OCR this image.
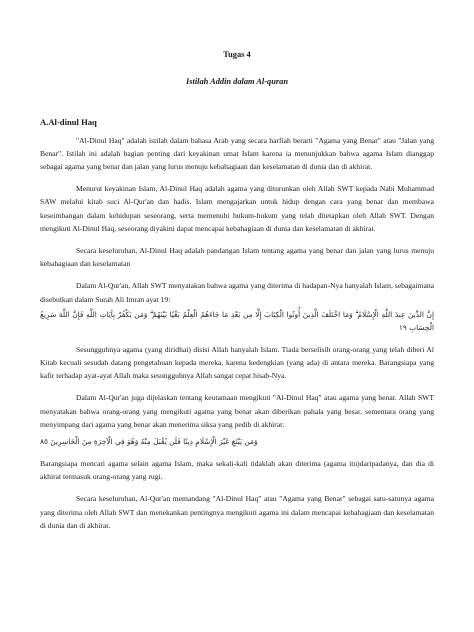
Tugas 4
Istilah Addin dalam Al-quran
A.Al-dinul Haq

"Al-Dinul Haq" adalah istilah dalam bahasa Arab yang secara harfiah berarti "Agama yang Benar" atau "Jalan yang Benar". Istilah ini adalah bagian penting dari keyakinan umat Islam karena ia menunjukkan bahwa agama Islam dianggap sebagai agama yang benar dan jalan yang lurus menuju kebahagiaan dan keselamatan di dunia dan di akhirat.

Menurut keyakinan Islam, Al-Dinul Haq adalah agama yang diturunkan oleh Allah SWT kepada Nabi Muhammad SAW melalui kitab suci Al-Qur'an dan hadis. Islam mengajarkan untuk hidup dengan cara yang benar dan membawa keseimbangan dalam kehidupan seseorang, serta memenuhi hukum-hukum yang telah ditetapkan oleh Allah SWT. Dengan mengikuti Al-Dinul Haq, seseorang diyakini dapat mencapai kebahagiaan di dunia dan keselamatan di akhirat.

Secara keseluruhan, Al-Dinul Haq adalah pandangan Islam tentang agama yang benar dan jalan yang lurus menuju kebahagiaan dan keselamatan

Dalam Al-Qur'an, Allah SWT menyatakan bahwa agama yang diterima di hadapan-Nya hanyalah Islam, sebagaimana disebutkan dalam Surah Ali Imran ayat 19:

إِنَّ الدِّينَ عِندَ اللَّهِ الْإِسْلَامُ ۗ وَمَا اخْتَلَفَ الَّذِينَ أُوتُوا الْكِتَابَ إِلَّا مِن بَعْدِ مَا جَاءَهُمُ الْعِلْمُ بَغْيًا بَيْنَهُمْ ۗ وَمَن يَكْفُرْ بِآيَاتِ اللَّهِ فَإِنَّ اللَّهَ سَرِيعُ الْحِسَابِ ١٩

Sesungguhnya agama (yang diridhai) disisi Allah hanyalah Islam. Tiada berselisih orang-orang yang telah diberi Al Kitab kecuali sesudah datang pengetahuan kepada mereka, karena kedengkian (yang ada) di antara mereka. Barangsiapa yang kafir terhadap ayat-ayat Allah maka sesungguhnya Allah sangat cepat hisab-Nya.

Dalam Al-Qur'an juga dijelaskan tentang keutamaan mengikuti "Al-Dinul Haq" atau agama yang benar. Allah SWT menyatakan bahwa orang-orang yang mengikuti agama yang benar akan diberikan pahala yang besar, sementara orang yang menyimpang dari agama yang benar akan menerima siksa yang pedih di akhirat:

وَمَن يَبْتَغِ غَيْرَ الْإِسْلَامِ دِينًا فَلَن يُقْبَلَ مِنْهُ وَهُوَ فِي الْآخِرَةِ مِنَ الْخَاسِرِينَ ٨٥

Barangsiapa mencari agama selain agama Islam, maka sekali-kali tidaklah akan diterima (agama itu)daripadanya, dan dia di akhirat termasuk orang-orang yang rugi.

Secara keseluruhan, Al-Qur'an memandang "Al-Dinul Haq" atau "Agama yang Benar" sebagai satu-satunya agama yang diterima oleh Allah SWT dan menekankan pentingnya mengikuti agama ini dalam mencapai kebahagiaan dan keselamatan di dunia dan di akhirat.
